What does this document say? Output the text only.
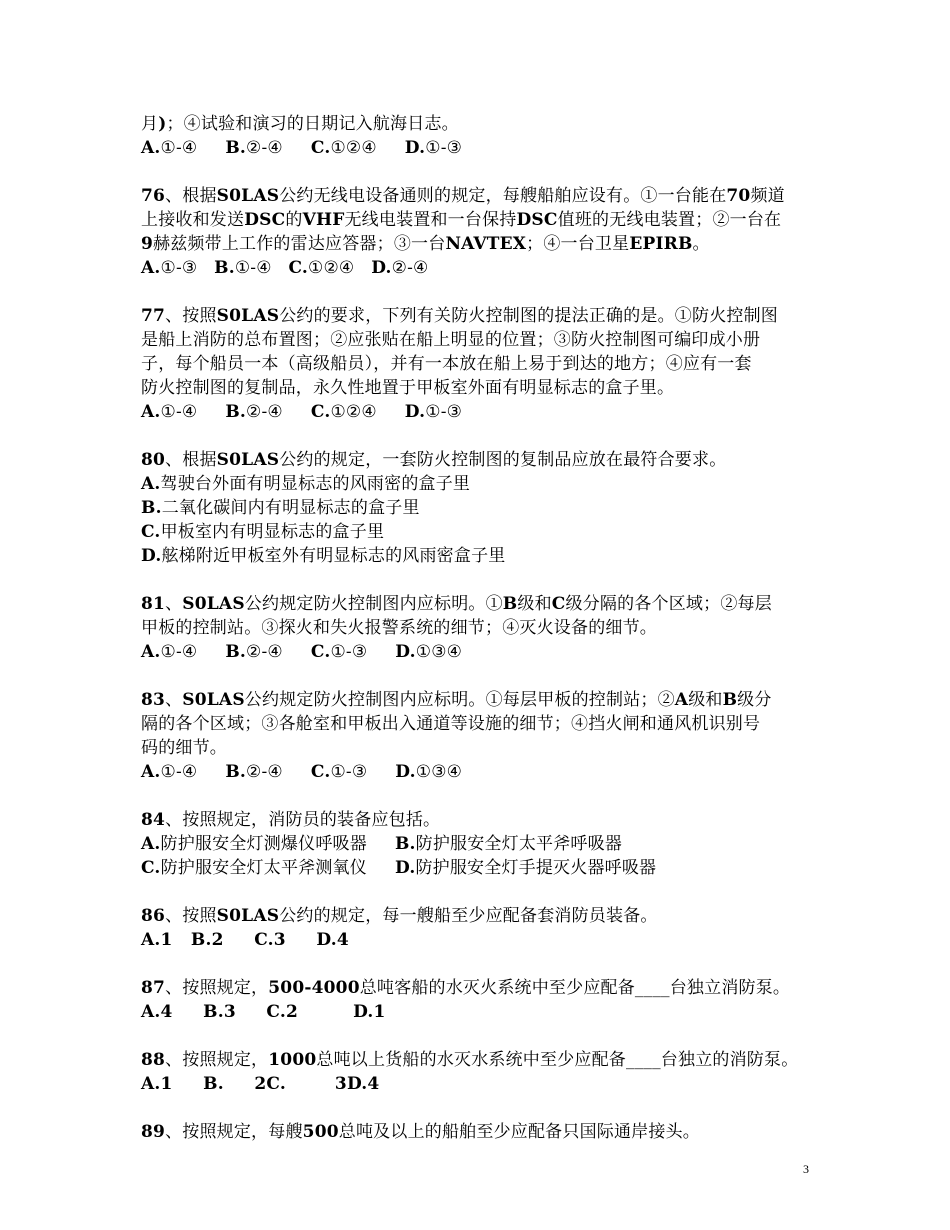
月)；④试验和演习的日期记入航海日志。
A.①-④     B.②-④     C.①②④     D.①-③
76、根据S0LAS公约无线电设备通则的规定，每艘船舶应设有。①一台能在70频道
上接收和发送DSC的VHF无线电装置和一台保持DSC值班的无线电装置；②一台在
9赫兹频带上工作的雷达应答器；③一台NAVTEX；④一台卫星EPIRB。
A.①-③   B.①-④   C.①②④   D.②-④
77、按照S0LAS公约的要求，下列有关防火控制图的提法正确的是。①防火控制图
是船上消防的总布置图；②应张贴在船上明显的位置；③防火控制图可编印成小册
子，每个船员一本（高级船员），并有一本放在船上易于到达的地方；④应有一套
防火控制图的复制品，永久性地置于甲板室外面有明显标志的盒子里。
A.①-④     B.②-④     C.①②④     D.①-③
80、根据S0LAS公约的规定，一套防火控制图的复制品应放在最符合要求。
A.驾驶台外面有明显标志的风雨密的盒子里
B.二氧化碳间内有明显标志的盒子里
C.甲板室内有明显标志的盒子里
D.舷梯附近甲板室外有明显标志的风雨密盒子里
81、S0LAS公约规定防火控制图内应标明。①B级和C级分隔的各个区域；②每层
甲板的控制站。③探火和失火报警系统的细节；④灭火设备的细节。
A.①-④     B.②-④     C.①-③     D.①③④
83、S0LAS公约规定防火控制图内应标明。①每层甲板的控制站；②A级和B级分
隔的各个区域；③各舱室和甲板出入通道等设施的细节；④挡火闸和通风机识别号
码的细节。
A.①-④     B.②-④     C.①-③     D.①③④
84、按照规定，消防员的装备应包括。
A.防护服安全灯测爆仪呼吸器     B.防护服安全灯太平斧呼吸器
C.防护服安全灯太平斧测氧仪     D.防护服安全灯手提灭火器呼吸器
86、按照S0LAS公约的规定，每一艘船至少应配备套消防员装备。
A.1   B.2     C.3     D.4
87、按照规定，500-4000总吨客船的水灭火系统中至少应配备____台独立消防泵。
A.4     B.3     C.2         D.1
88、按照规定，1000总吨以上货船的水灭水系统中至少应配备____台独立的消防泵。
A.1     B.     2C.        3D.4
89、按照规定，每艘500总吨及以上的船舶至少应配备只国际通岸接头。
3
